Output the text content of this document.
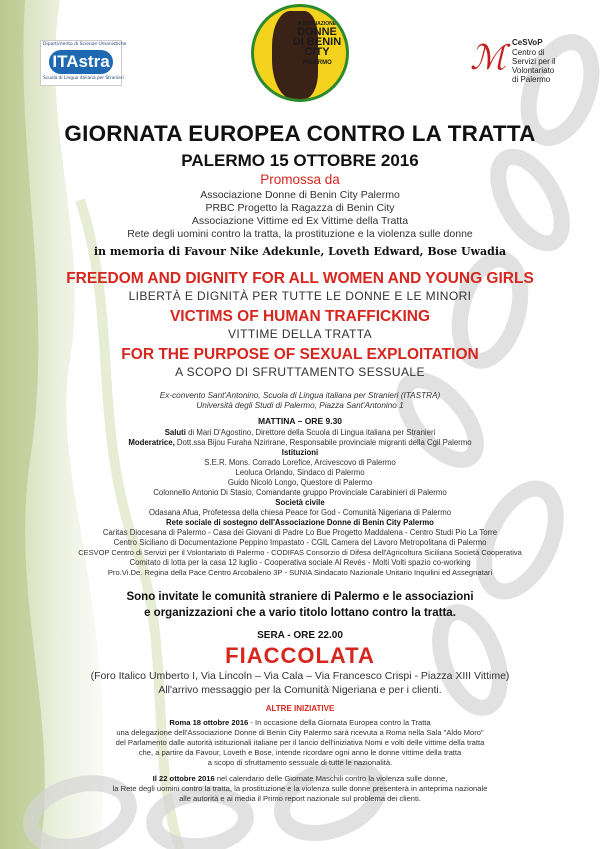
Dipartimento di Scienze Umanistiche
ITAstra
Scuola di Lingua italiana per Stranieri
ASSOCIAZIONE
DONNE DI BENIN CITY
PALERMO	ℳ CeSVoP
Centro di
Servizi per il
Volontariato
di Palermo
GIORNATA EUROPEA CONTRO LA TRATTA
PALERMO 15 OTTOBRE 2016
Promossa da
Associazione Donne di Benin City Palermo
PRBC Progetto la Ragazza di Benin City
Associazione Vittime ed Ex Vittime della Tratta
Rete degli uomini contro la tratta, la prostituzione e la violenza sulle donne
in memoria di Favour Nike Adekunle, Loveth Edward, Bose Uwadia
FREEDOM AND DIGNITY FOR ALL WOMEN AND YOUNG GIRLS
LIBERTÀ E DIGNITÀ PER TUTTE LE DONNE E LE MINORI
VICTIMS OF HUMAN TRAFFICKING
VITTIME DELLA TRATTA
FOR THE PURPOSE OF SEXUAL EXPLOITATION
A SCOPO DI SFRUTTAMENTO SESSUALE
Ex-convento Sant'Antonino, Scuola di Lingua italiana per Stranieri (ITASTRA)
Università degli Studi di Palermo, Piazza Sant'Antonino 1
MATTINA – ORE 9.30
Saluti di Mari D'Agostino, Direttore della Scuola di Lingua italiana per Stranieri
Moderatrice, Dott.ssa Bijou Furaha Nzirirane, Responsabile provinciale migranti della Cgil Palermo
Istituzioni
S.E.R. Mons. Corrado Lorefice, Arcivescovo di Palermo
Leoluca Orlando, Sindaco di Palermo
Guido Nicolò Longo, Questore di Palermo
Colonnello Antonio Di Stasio, Comandante gruppo Provinciale Carabinieri di Palermo
Società civile
Odasana Afua, Profetessa della chiesa Peace for God - Comunità Nigeriana di Palermo
Rete sociale di sostegno dell'Associazione Donne di Benin City Palermo
Caritas Diocesana di Palermo - Casa dei Giovani di Padre Lo Bue Progetto Maddalena - Centro Studi Pio La Torre
Centro Siciliano di Documentazione Peppino Impastato - CGIL Camera del Lavoro Metropolitana di Palermo
CESVOP Centro di Servizi per il Volontariato di Palermo - CODIFAS Consorzio di Difesa dell'Agricoltura Siciliana Società Cooperativa
Comitato di lotta per la casa 12 luglio - Cooperativa sociale Al Revés - Molti Volti spazio co-working
Pro.Vi.De. Regina della Pace Centro Arcobaleno 3P - SUNIA Sindacato Nazionale Unitario Inquilini ed Assegnatari
Sono invitate le comunità straniere di Palermo e le associazioni
e organizzazioni che a vario titolo lottano contro la tratta.
SERA - ORE 22.00
FIACCOLATA
(Foro Italico Umberto I, Via Lincoln – Via Cala – Via Francesco Crispi - Piazza XIII Vittime)
All'arrivo messaggio per la Comunità Nigeriana e per i clienti.
ALTRE INIZIATIVE
Roma 18 ottobre 2016 - In occasione della Giornata Europea contro la Tratta
una delegazione dell'Associazione Donne di Benin City Palermo sarà ricevuta a Roma nella Sala "Aldo Moro"
del Parlamento dalle autorità istituzionali italiane per il lancio dell'iniziativa Nomi e volti delle vittime della tratta
che, a partire da Favour, Loveth e Bose, intende ricordare ogni anno le donne vittime della tratta
a scopo di sfruttamento sessuale di tutte le nazionalità.
Il 22 ottobre 2016 nel calendario delle Giornate Maschili contro la violenza sulle donne,
la Rete degli uomini contro la tratta, la prostituzione e la violenza sulle donne presenterà in anteprima nazionale
alle autorità e ai media il Primo report nazionale sul problema dei clienti.
